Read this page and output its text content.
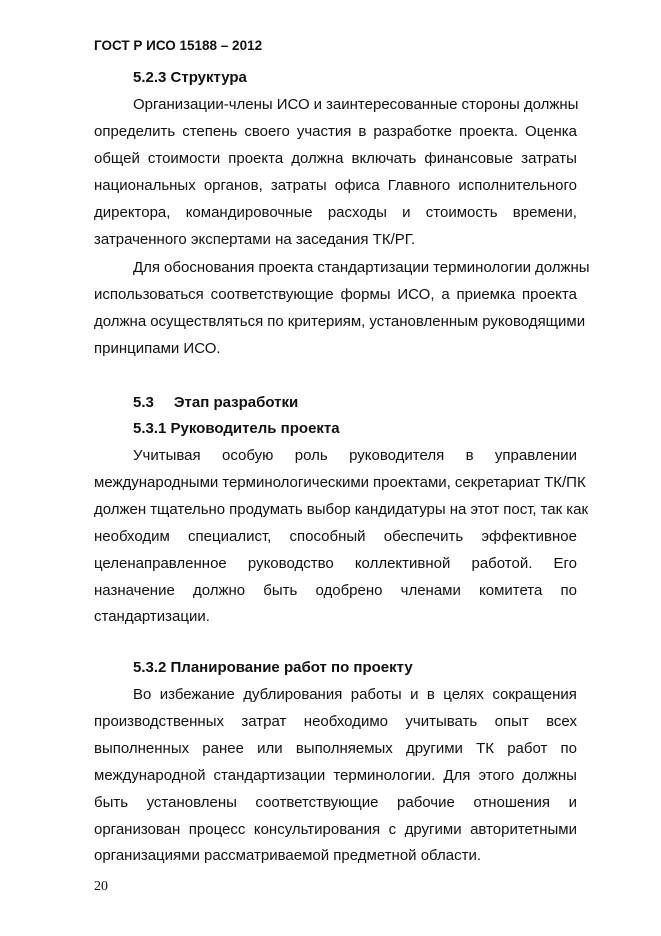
ГОСТ Р ИСО 15188 – 2012
5.2.3 Структура
Организации-члены ИСО и заинтересованные стороны должны
определить степень своего участия в разработке проекта. Оценка
общей стоимости проекта должна включать финансовые затраты
национальных органов, затраты офиса Главного исполнительного
директора, командировочные расходы и стоимость времени,
затраченного экспертами на заседания ТК/РГ.
Для обоснования проекта стандартизации терминологии должны
использоваться соответствующие формы ИСО, а приемка проекта
должна осуществляться по критериям, установленным руководящими
принципами ИСО.
5.3 Этап разработки
5.3.1 Руководитель проекта
Учитывая особую роль руководителя в управлении
международными терминологическими проектами, секретариат ТК/ПК
должен тщательно продумать выбор кандидатуры на этот пост, так как
необходим специалист, способный обеспечить эффективное
целенаправленное руководство коллективной работой. Его
назначение должно быть одобрено членами комитета по
стандартизации.
5.3.2 Планирование работ по проекту
Во избежание дублирования работы и в целях сокращения
производственных затрат необходимо учитывать опыт всех
выполненных ранее или выполняемых другими ТК работ по
международной стандартизации терминологии. Для этого должны
быть установлены соответствующие рабочие отношения и
организован процесс консультирования с другими авторитетными
организациями рассматриваемой предметной области.
20
